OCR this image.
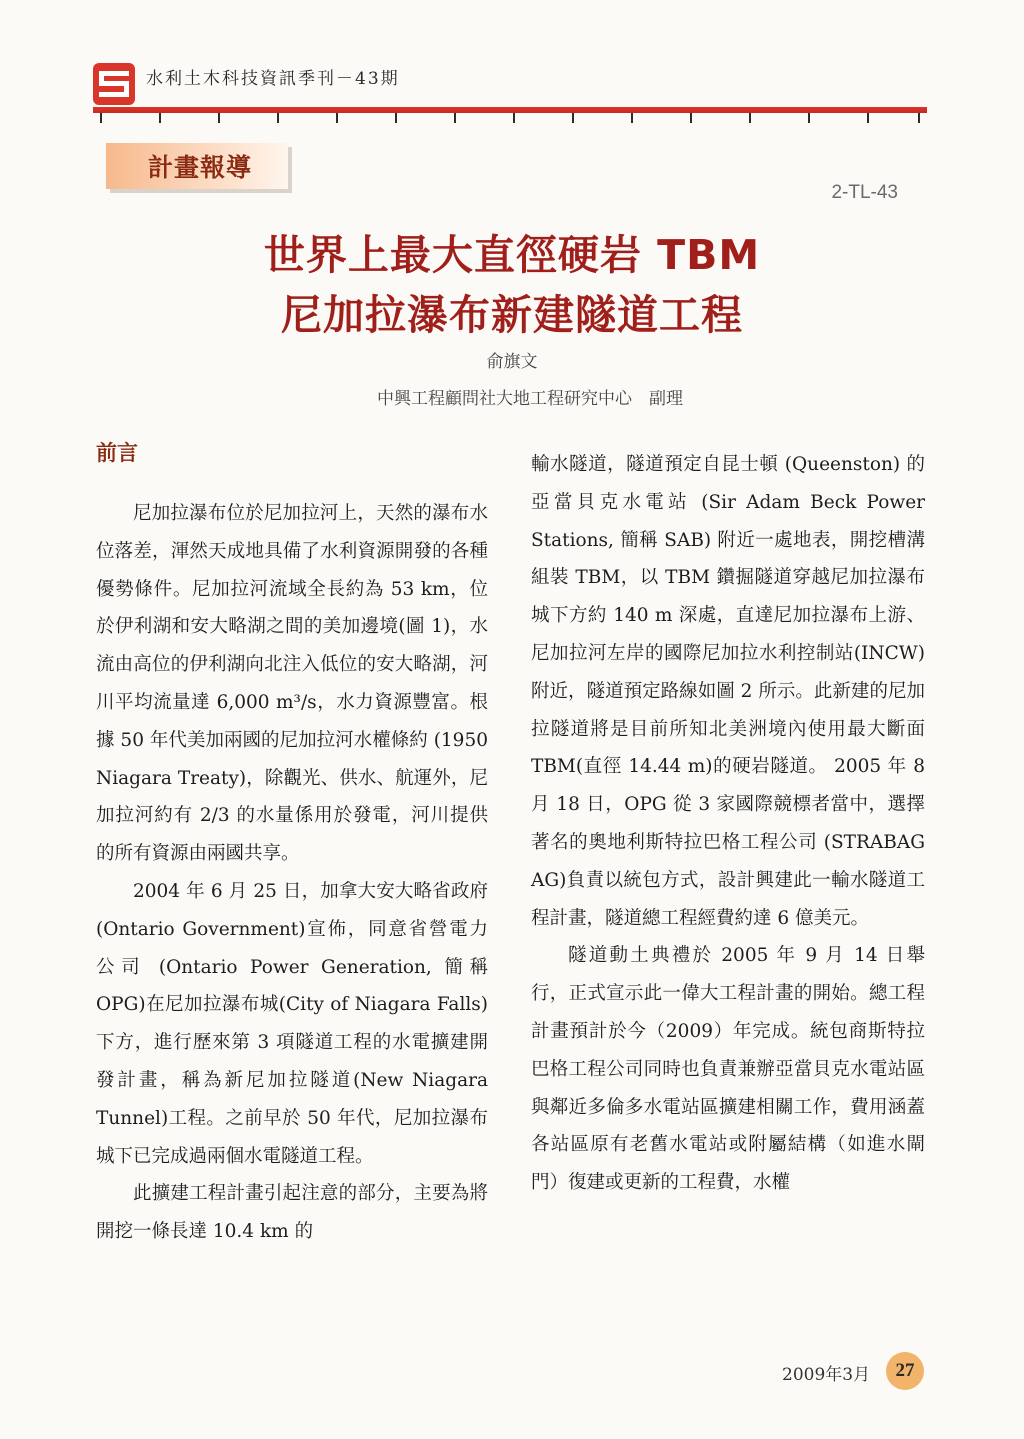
水利土木科技資訊季刊－43期
計畫報導
2-TL-43
世界上最大直徑硬岩 TBM
尼加拉瀑布新建隧道工程
俞旗文
中興工程顧問社大地工程研究中心　副理
前言

尼加拉瀑布位於尼加拉河上，天然的瀑布水位落差，渾然天成地具備了水利資源開發的各種優勢條件。尼加拉河流域全長約為 53 km，位於伊利湖和安大略湖之間的美加邊境(圖 1)，水流由高位的伊利湖向北注入低位的安大略湖，河川平均流量達 6,000 m³/s，水力資源豐富。根據 50 年代美加兩國的尼加拉河水權條約 (1950 Niagara Treaty)，除觀光、供水、航運外，尼加拉河約有 2/3 的水量係用於發電，河川提供的所有資源由兩國共享。

2004 年 6 月 25 日，加拿大安大略省政府(Ontario Government)宣佈，同意省營電力公司 (Ontario Power Generation, 簡稱 OPG)在尼加拉瀑布城(City of Niagara Falls)下方，進行歷來第 3 項隧道工程的水電擴建開發計畫，稱為新尼加拉隧道(New Niagara Tunnel)工程。之前早於 50 年代，尼加拉瀑布城下已完成過兩個水電隧道工程。

此擴建工程計畫引起注意的部分，主要為將開挖一條長達 10.4 km 的

輸水隧道，隧道預定自昆士頓 (Queenston) 的亞當貝克水電站 (Sir Adam Beck Power Stations, 簡稱 SAB) 附近一處地表，開挖槽溝組裝 TBM，以 TBM 鑽掘隧道穿越尼加拉瀑布城下方約 140 m 深處，直達尼加拉瀑布上游、尼加拉河左岸的國際尼加拉水利控制站(INCW) 附近，隧道預定路線如圖 2 所示。此新建的尼加拉隧道將是目前所知北美洲境內使用最大斷面 TBM(直徑 14.44 m)的硬岩隧道。 2005 年 8 月 18 日，OPG 從 3 家國際競標者當中，選擇著名的奧地利斯特拉巴格工程公司 (STRABAG AG)負責以統包方式，設計興建此一輸水隧道工程計畫，隧道總工程經費約達 6 億美元。

隧道動土典禮於 2005 年 9 月 14 日舉行，正式宣示此一偉大工程計畫的開始。總工程計畫預計於今（2009）年完成。統包商斯特拉巴格工程公司同時也負責兼辦亞當貝克水電站區與鄰近多倫多水電站區擴建相關工作，費用涵蓋各站區原有老舊水電站或附屬結構（如進水閘門）復建或更新的工程費，水權

2009年3月	27
